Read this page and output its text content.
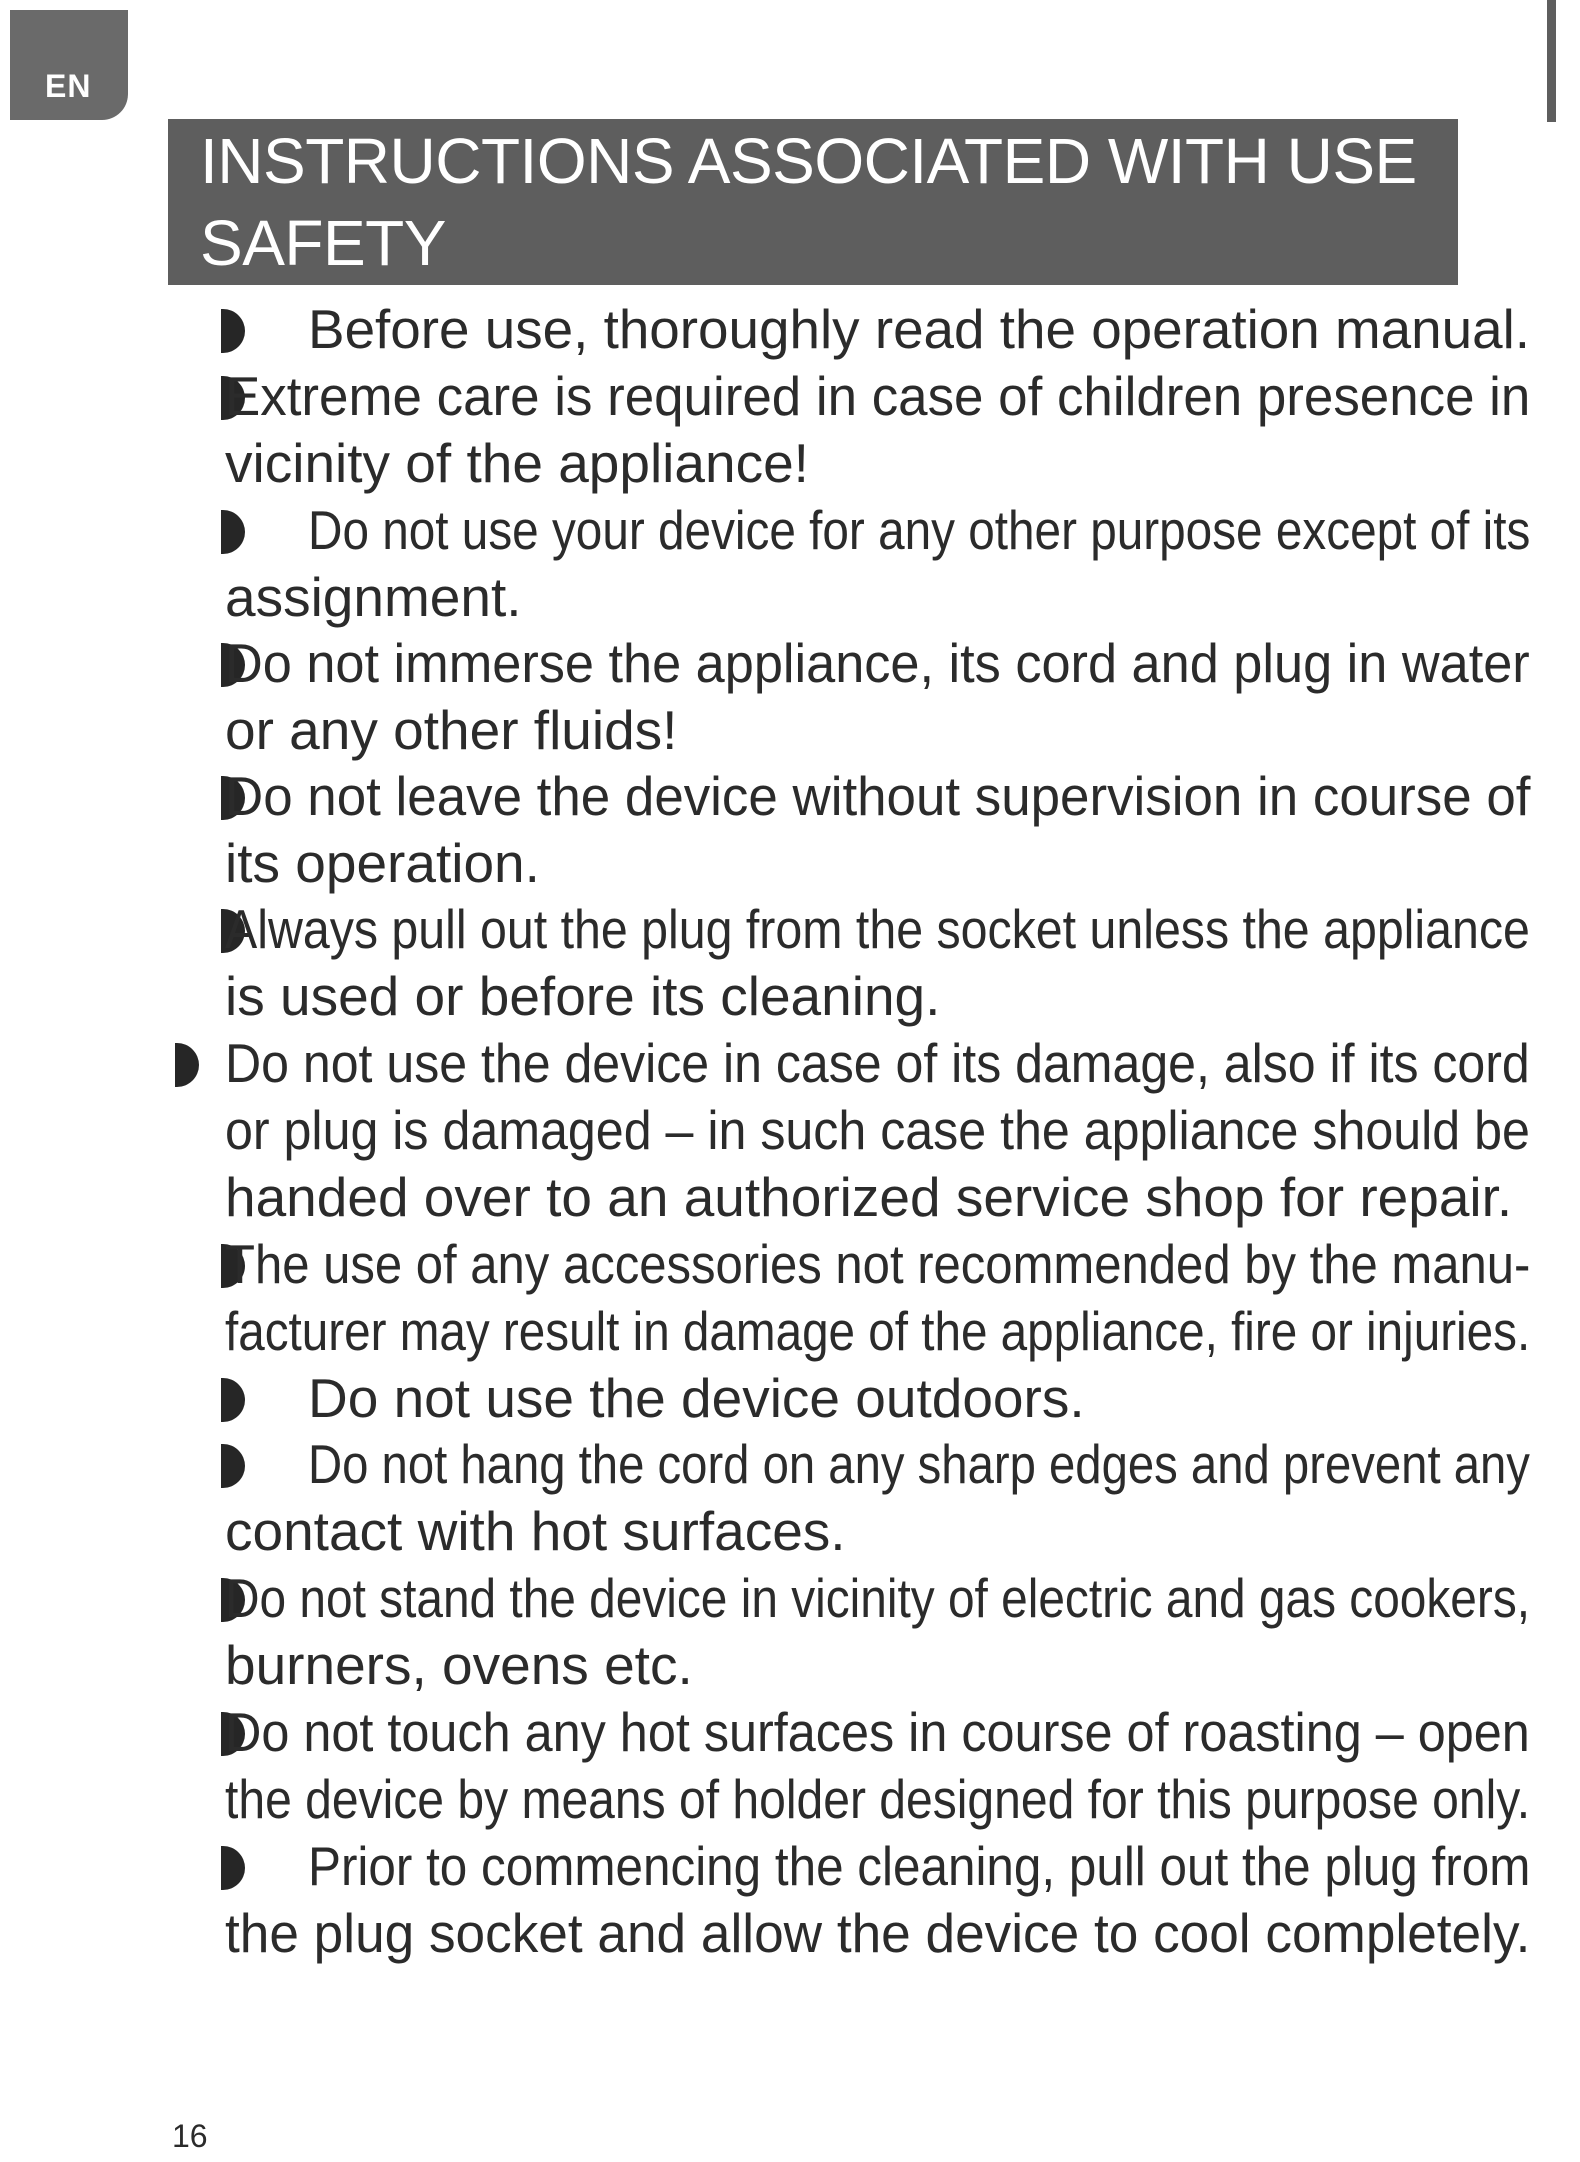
EN
INSTRUCTIONS ASSOCIATED WITH USE
SAFETY
Before use, thoroughly read the operation manual.
Extreme care is required in case of children presence in
vicinity of the appliance!
Do not use your device for any other purpose except of its
assignment.
Do not immerse the appliance, its cord and plug in water
or any other fluids!
Do not leave the device without supervision in course of
its operation.
Always pull out the plug from the socket unless the appliance
is used or before its cleaning.
Do not use the device in case of its damage, also if its cord
or plug is damaged – in such case the appliance should be
handed over to an authorized service shop for repair.
The use of any accessories not recommended by the manu-
facturer may result in damage of the appliance, fire or injuries.
Do not use the device outdoors.
Do not hang the cord on any sharp edges and prevent any
contact with hot surfaces.
Do not stand the device in vicinity of electric and gas cookers,
burners, ovens etc.
Do not touch any hot surfaces in course of roasting – open
the device by means of holder designed for this purpose only.
Prior to commencing the cleaning, pull out the plug from
the plug socket and allow the device to cool completely.
16
